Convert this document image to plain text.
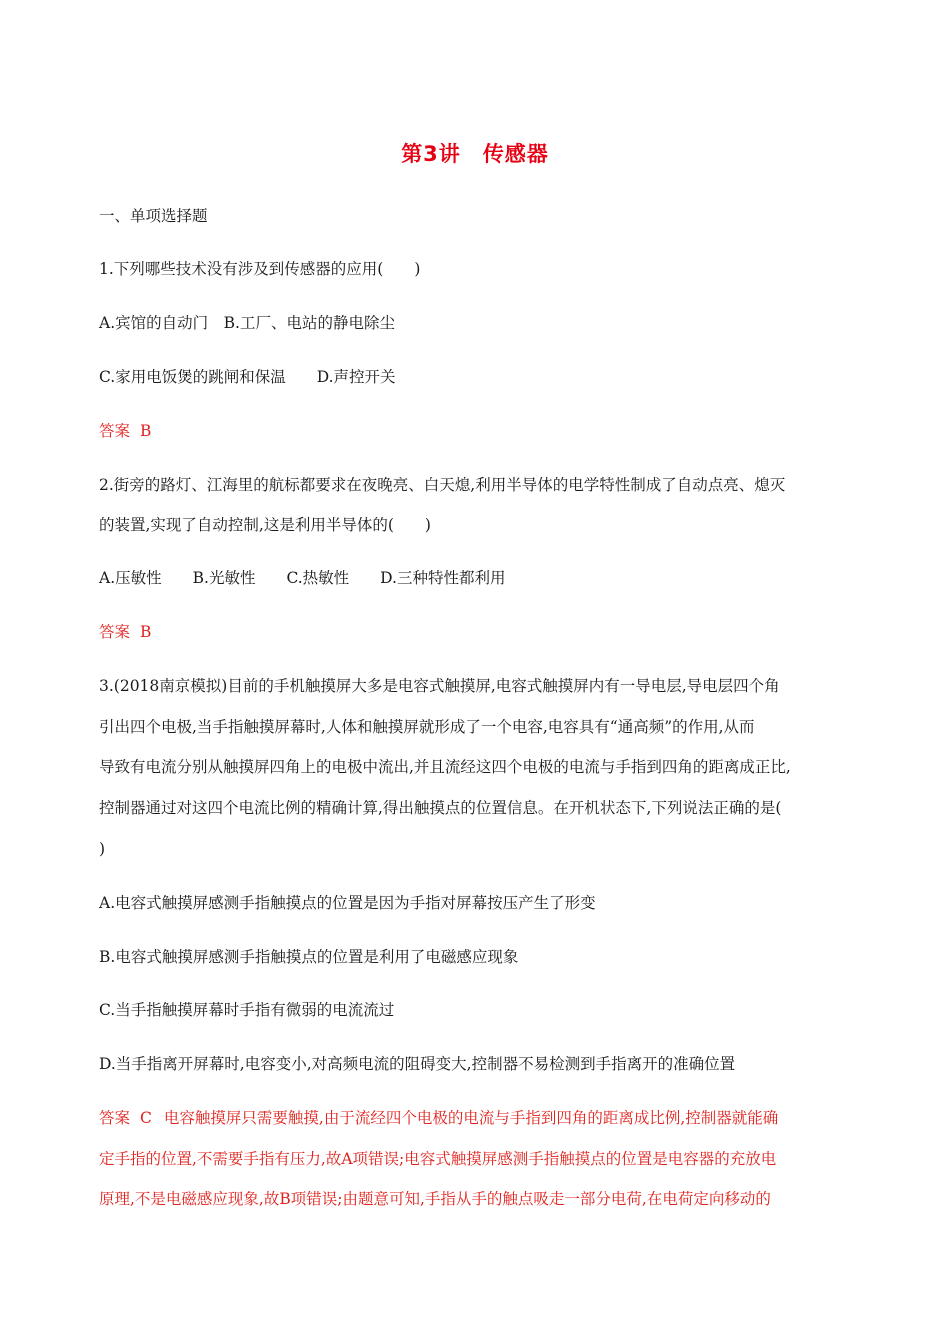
第3讲 传感器
一、单项选择题
1.下列哪些技术没有涉及到传感器的应用(　　)
A.宾馆的自动门　B.工厂、电站的静电除尘
C.家用电饭煲的跳闸和保温　　D.声控开关
答案 B
2.街旁的路灯、江海里的航标都要求在夜晚亮、白天熄,利用半导体的电学特性制成了自动点亮、熄灭
的装置,实现了自动控制,这是利用半导体的(　　)
A.压敏性　　B.光敏性　　C.热敏性　　D.三种特性都利用
答案 B
3.(2018南京模拟)目前的手机触摸屏大多是电容式触摸屏,电容式触摸屏内有一导电层,导电层四个角
引出四个电极,当手指触摸屏幕时,人体和触摸屏就形成了一个电容,电容具有“通高频”的作用,从而
导致有电流分别从触摸屏四角上的电极中流出,并且流经这四个电极的电流与手指到四角的距离成正比,
控制器通过对这四个电流比例的精确计算,得出触摸点的位置信息。在开机状态下,下列说法正确的是(
)
A.电容式触摸屏感测手指触摸点的位置是因为手指对屏幕按压产生了形变
B.电容式触摸屏感测手指触摸点的位置是利用了电磁感应现象
C.当手指触摸屏幕时手指有微弱的电流流过
D.当手指离开屏幕时,电容变小,对高频电流的阻碍变大,控制器不易检测到手指离开的准确位置
答案 C 电容触摸屏只需要触摸,由于流经四个电极的电流与手指到四角的距离成比例,控制器就能确
定手指的位置,不需要手指有压力,故A项错误;电容式触摸屏感测手指触摸点的位置是电容器的充放电
原理,不是电磁感应现象,故B项错误;由题意可知,手指从手的触点吸走一部分电荷,在电荷定向移动的
